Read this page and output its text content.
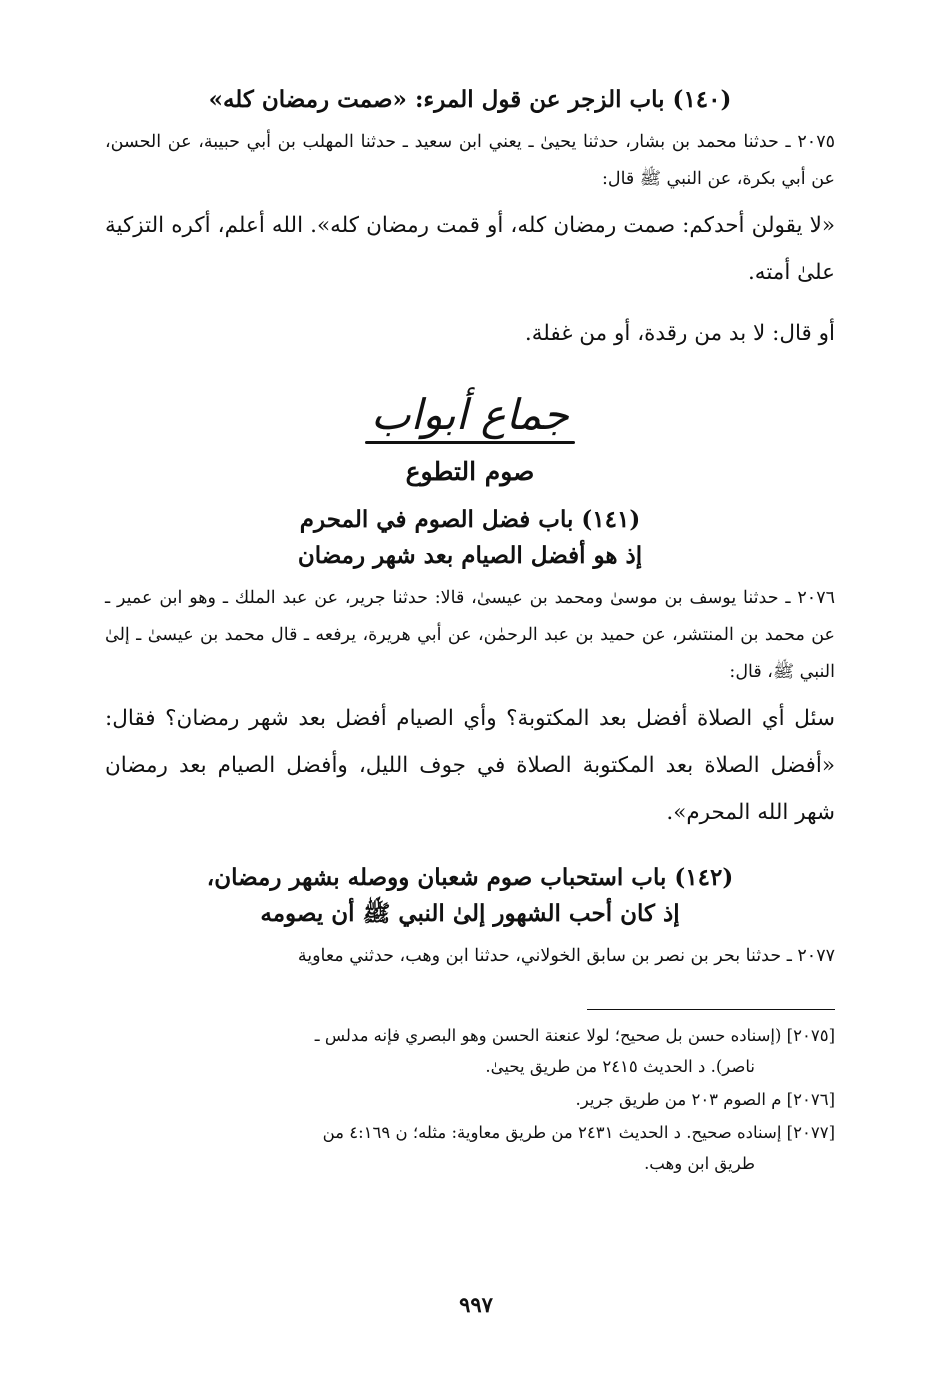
(١٤٠) باب الزجر عن قول المرء: «صمت رمضان كله»

٢٠٧٥ ـ حدثنا محمد بن بشار، حدثنا يحيىٰ ـ يعني ابن سعيد ـ حدثنا المهلب بن أبي حبيبة، عن الحسن، عن أبي بكرة، عن النبي ﷺ قال:

«لا يقولن أحدكم: صمت رمضان كله، أو قمت رمضان كله». الله أعلم، أكره التزكية علىٰ أمته.

أو قال: لا بد من رقدة، أو من غفلة.

جماع أبواب
صوم التطوع
(١٤١) باب فضل الصوم في المحرم
إذ هو أفضل الصيام بعد شهر رمضان

٢٠٧٦ ـ حدثنا يوسف بن موسىٰ ومحمد بن عيسىٰ، قالا: حدثنا جرير، عن عبد الملك ـ وهو ابن عمير ـ عن محمد بن المنتشر، عن حميد بن عبد الرحمٰن، عن أبي هريرة، يرفعه ـ قال محمد بن عيسىٰ ـ إلىٰ النبي ﷺ، قال:

سئل أي الصلاة أفضل بعد المكتوبة؟ وأي الصيام أفضل بعد شهر رمضان؟ فقال: «أفضل الصلاة بعد المكتوبة الصلاة في جوف الليل، وأفضل الصيام بعد رمضان شهر الله المحرم».

(١٤٢) باب استحباب صوم شعبان ووصله بشهر رمضان،
إذ كان أحب الشهور إلىٰ النبي ﷺ أن يصومه

٢٠٧٧ ـ حدثنا بحر بن نصر بن سابق الخولاني، حدثنا ابن وهب، حدثني معاوية

[٢٠٧٥] (إسناده حسن بل صحيح؛ لولا عنعنة الحسن وهو البصري فإنه مدلس ـ
ناصر). د الحديث ٢٤١٥ من طريق يحيىٰ.
[٢٠٧٦] م الصوم ٢٠٣ من طريق جرير.
[٢٠٧٧] إسناده صحيح. د الحديث ٢٤٣١ من طريق معاوية: مثله؛ ن ٤:١٦٩ من
طريق ابن وهب.
٩٩٧
